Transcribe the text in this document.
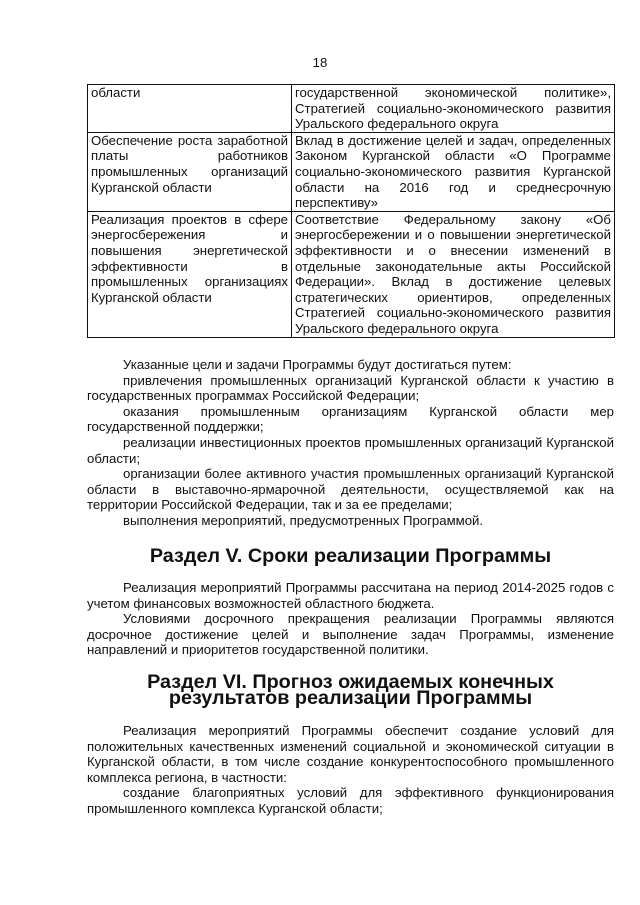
18
области	государственной экономической политике», Стратегией социально-экономического развития Уральского федерального округа
Обеспечение роста заработной платы работников промышленных организаций Курганской области	Вклад в достижение целей и задач, определенных Законом Курганской области «О Программе социально-экономического развития Курганской области на 2016 год и среднесрочную перспективу»
Реализация проектов в сфере энергосбережения и повышения энергетической эффективности в промышленных организациях Курганской области	Соответствие Федеральному закону «Об энергосбережении и о повышении энергетической эффективности и о внесении изменений в отдельные законодательные акты Российской Федерации». Вклад в достижение целевых стратегических ориентиров, определенных Стратегией социально-экономического развития Уральского федерального округа

Указанные цели и задачи Программы будут достигаться путем:

привлечения промышленных организаций Курганской области к участию в государственных программах Российской Федерации;

оказания промышленным организациям Курганской области мер государственной поддержки;

реализации инвестиционных проектов промышленных организаций Курганской области;

организации более активного участия промышленных организаций Курганской области в выставочно-ярмарочной деятельности, осуществляемой как на территории Российской Федерации, так и за ее пределами;

выполнения мероприятий, предусмотренных Программой.

Раздел V. Сроки реализации Программы

Реализация мероприятий Программы рассчитана на период 2014-2025 годов с учетом финансовых возможностей областного бюджета.

Условиями досрочного прекращения реализации Программы являются досрочное достижение целей и выполнение задач Программы, изменение направлений и приоритетов государственной политики.

Раздел VI. Прогноз ожидаемых конечных результатов реализации Программы

Реализация мероприятий Программы обеспечит создание условий для положительных качественных изменений социальной и экономической ситуации в Курганской области, в том числе создание конкурентоспособного промышленного комплекса региона, в частности:

создание благоприятных условий для эффективного функционирования промышленного комплекса Курганской области;
